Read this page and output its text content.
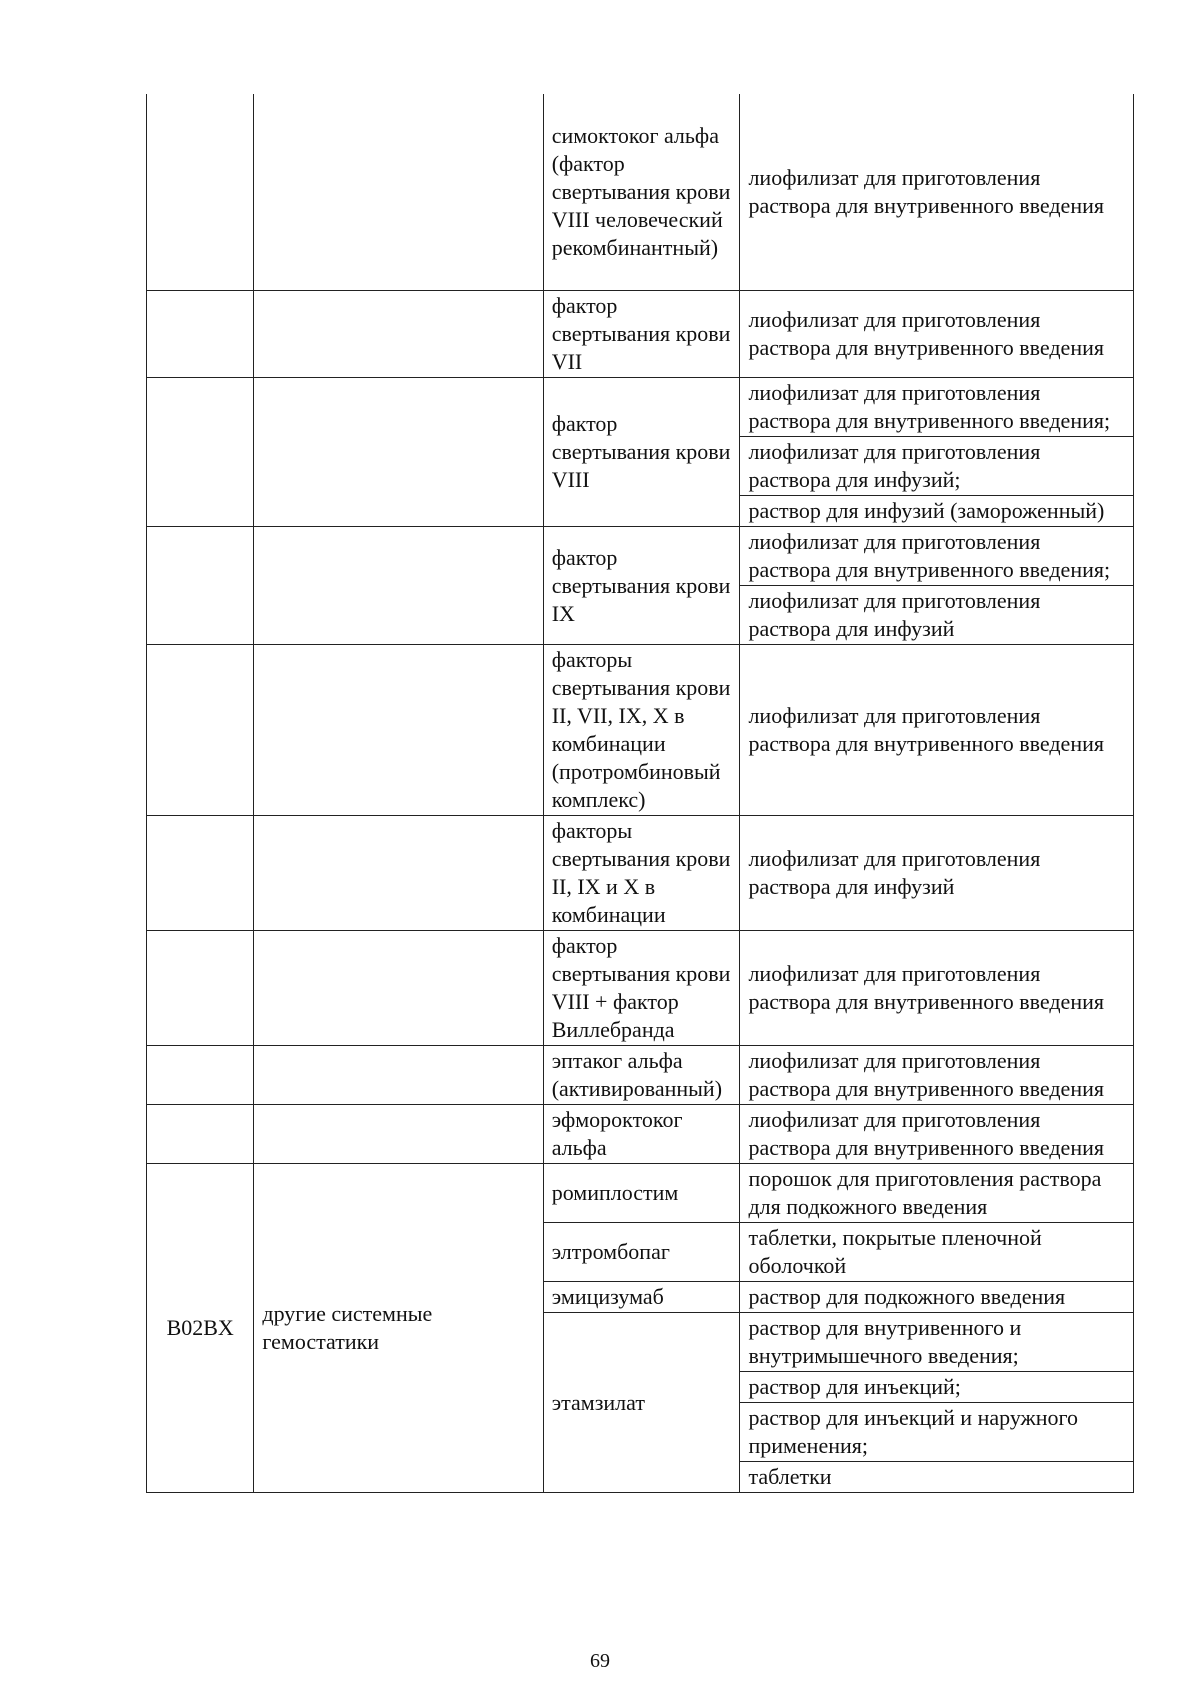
		симоктоког альфа (фактор свертывания крови VIII человеческий рекомбинантный)	лиофилизат для приготовления раствора для внутривенного введения
		фактор свертывания крови VII	лиофилизат для приготовления раствора для внутривенного введения
		фактор свертывания крови VIII	лиофилизат для приготовления раствора для внутривенного введения;
			лиофилизат для приготовления раствора для инфузий;
			раствор для инфузий (замороженный)
		фактор свертывания крови IX	лиофилизат для приготовления раствора для внутривенного введения;
			лиофилизат для приготовления раствора для инфузий
		факторы свертывания крови II, VII, IX, X в комбинации (протромбиновый комплекс)	лиофилизат для приготовления раствора для внутривенного введения
		факторы свертывания крови II, IX и X в комбинации	лиофилизат для приготовления раствора для инфузий
		фактор свертывания крови VIII + фактор Виллебранда	лиофилизат для приготовления раствора для внутривенного введения
		эптаког альфа (активированный)	лиофилизат для приготовления раствора для внутривенного введения
		эфмороктоког альфа	лиофилизат для приготовления раствора для внутривенного введения
B02BX	другие системные гемостатики	ромиплостим	порошок для приготовления раствора для подкожного введения
		элтромбопаг	таблетки, покрытые пленочной оболочкой
		эмицизумаб	раствор для подкожного введения
		этамзилат	раствор для внутривенного и внутримышечного введения;
			раствор для инъекций;
			раствор для инъекций и наружного применения;
			таблетки
69
